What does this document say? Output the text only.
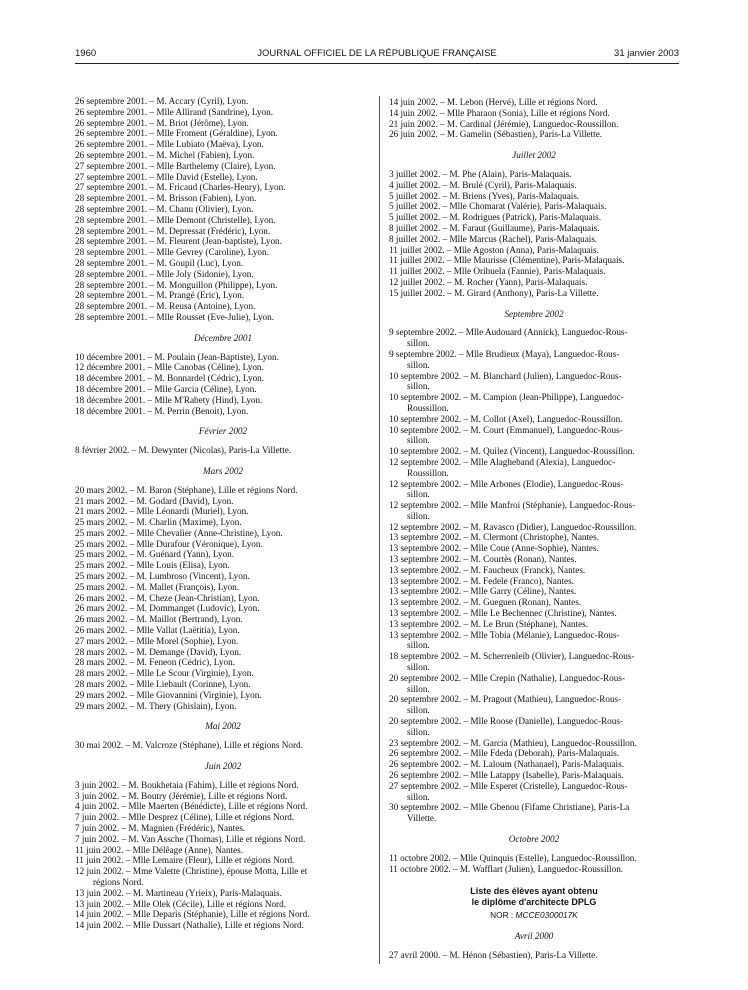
1960	JOURNAL OFFICIEL DE LA RÉPUBLIQUE FRANÇAISE	31 janvier 2003

26 septembre 2001. – M. Accary (Cyril), Lyon.

26 septembre 2001. – Mlle Allirand (Sandrine), Lyon.

26 septembre 2001. – M. Briot (Jérôme), Lyon.

26 septembre 2001. – Mlle Froment (Géraldine), Lyon.

26 septembre 2001. – Mlle Lubiato (Maëva), Lyon.

26 septembre 2001. – M. Michel (Fabien), Lyon.

27 septembre 2001. – Mlle Barthelemy (Claire), Lyon.

27 septembre 2001. – Mlle David (Estelle), Lyon.

27 septembre 2001. – M. Fricaud (Charles-Henry), Lyon.

28 septembre 2001. – M. Brisson (Fabien), Lyon.

28 septembre 2001. – M. Chanu (Olivier), Lyon.

28 septembre 2001. – Mlle Demont (Christelle), Lyon.

28 septembre 2001. – M. Depressat (Frédéric), Lyon.

28 septembre 2001. – M. Fleurent (Jean-baptiste), Lyon.

28 septembre 2001. – Mlle Gevrey (Caroline), Lyon.

28 septembre 2001. – M. Goupil (Luc), Lyon.

28 septembre 2001. – Mlle Joly (Sidonie), Lyon.

28 septembre 2001. – M. Monguillon (Philippe), Lyon.

28 septembre 2001. – M. Prangé (Eric), Lyon.

28 septembre 2001. – M. Reusa (Antoine), Lyon.

28 septembre 2001. – Mlle Rousset (Eve-Julie), Lyon.

Décembre 2001

10 décembre 2001. – M. Poulain (Jean-Baptiste), Lyon.

12 décembre 2001. – Mlle Canobas (Céline), Lyon.

18 décembre 2001. – M. Bonnardel (Cédric), Lyon.

18 décembre 2001. – Mlle Garcia (Céline), Lyon.

18 décembre 2001. – Mlle M'Rabety (Hind), Lyon.

18 décembre 2001. – M. Perrin (Benoit), Lyon.

Février 2002

8 février 2002. – M. Dewynter (Nicolas), Paris-La Villette.

Mars 2002

20 mars 2002. – M. Baron (Stéphane), Lille et régions Nord.

21 mars 2002. – M. Godard (David), Lyon.

21 mars 2002. – Mlle Léonardi (Muriel), Lyon.

25 mars 2002. – M. Charlin (Maxime), Lyon.

25 mars 2002. – Mlle Chevalier (Anne-Christine), Lyon.

25 mars 2002. – Mlle Durafour (Véronique), Lyon.

25 mars 2002. – M. Guénard (Yann), Lyon.

25 mars 2002. – Mlle Louis (Elisa), Lyon.

25 mars 2002. – M. Lumbroso (Vincent), Lyon.

25 mars 2002. – M. Mallet (François), Lyon.

26 mars 2002. – M. Cheze (Jean-Christian), Lyon.

26 mars 2002. – M. Dommanget (Ludovic), Lyon.

26 mars 2002. – M. Maillot (Bertrand), Lyon.

26 mars 2002. – Mlle Vallat (Laëtitia), Lyon.

27 mars 2002. – Mlle Morel (Sophie), Lyon.

28 mars 2002. – M. Demange (David), Lyon.

28 mars 2002. – M. Feneon (Cédric), Lyon.

28 mars 2002. – Mlle Le Scour (Virginie), Lyon.

28 mars 2002. – Mlle Liebault (Corinne), Lyon.

29 mars 2002. – Mlle Giovannini (Virginie), Lyon.

29 mars 2002. – M. Thery (Ghislain), Lyon.

Mai 2002

30 mai 2002. – M. Valcroze (Stéphane), Lille et régions Nord.

Juin 2002

3 juin 2002. – M. Boukhetaia (Fahim), Lille et régions Nord.

3 juin 2002. – M. Boutry (Jérémie), Lille et régions Nord.

4 juin 2002. – Mlle Maerten (Bénédicte), Lille et régions Nord.

7 juin 2002. – Mlle Desprez (Céline), Lille et régions Nord.

7 juin 2002. – M. Magnien (Frédéric), Nantes.

7 juin 2002. – M. Van Assche (Thomas), Lille et régions Nord.

11 juin 2002. – Mlle Délêage (Anne), Nantes.

11 juin 2002. – Mlle Lemaire (Fleur), Lille et régions Nord.

12 juin 2002. – Mme Valette (Christine), épouse Motta, Lille et
régions Nord.

13 juin 2002. – M. Martineau (Yrieix), Paris-Malaquais.

13 juin 2002. – Mlle Olek (Cécile), Lille et régions Nord.

14 juin 2002. – Mlle Deparis (Stéphanie), Lille et régions Nord.

14 juin 2002. – Mlle Dussart (Nathalie), Lille et régions Nord.

14 juin 2002. – M. Lebon (Hervé), Lille et régions Nord.

14 juin 2002. – Mlle Pharaon (Sonia), Lille et régions Nord.

21 juin 2002. – M. Cardinal (Jérémie), Languedoc-Roussillon.

26 juin 2002. – M. Gamelin (Sébastien), Paris-La Villette.

Juillet 2002

3 juillet 2002. – M. Phe (Alain), Paris-Malaquais.

4 juillet 2002. – M. Brulé (Cyril), Paris-Malaquais.

5 juillet 2002. – M. Briens (Yves), Paris-Malaquais.

5 juillet 2002. – Mlle Chomarat (Valérie), Paris-Malaquais.

5 juillet 2002. – M. Rodrigues (Patrick), Paris-Malaquais.

8 juillet 2002. – M. Faraut (Guillaume), Paris-Malaquais.

8 juillet 2002. – Mlle Marcus (Rachel), Paris-Malaquais.

11 juillet 2002. – Mlle Agoston (Anna), Paris-Malaquais.

11 juillet 2002. – Mlle Maurisse (Clémentine), Paris-Malaquais.

11 juillet 2002. – Mlle Orihuela (Fannie), Paris-Malaquais.

12 juillet 2002. – M. Rocher (Yann), Paris-Malaquais.

15 juillet 2002. – M. Girard (Anthony), Paris-La Villette.

Septembre 2002

9 septembre 2002. – Mlle Audouard (Annick), Languedoc-Rous-
sillon.

9 septembre 2002. – Mlle Brudieux (Maya), Languedoc-Rous-
sillon.

10 septembre 2002. – M. Blanchard (Julien), Languedoc-Rous-
sillon.

10 septembre 2002. – M. Campion (Jean-Philippe), Languedoc-
Roussillon.

10 septembre 2002. – M. Collot (Axel), Languedoc-Roussillon.

10 septembre 2002. – M. Court (Emmanuel), Languedoc-Rous-
sillon.

10 septembre 2002. – M. Quilez (Vincent), Languedoc-Roussillon.

12 septembre 2002. – Mlle Alagheband (Alexia), Languedoc-
Roussillon.

12 septembre 2002. – Mlle Arbones (Elodie), Languedoc-Rous-
sillon.

12 septembre 2002. – Mlle Manfroi (Stéphanie), Languedoc-Rous-
sillon.

12 septembre 2002. – M. Ravasco (Didier), Languedoc-Roussillon.

13 septembre 2002. – M. Clermont (Christophe), Nantes.

13 septembre 2002. – Mlle Coue (Anne-Sophie), Nantes.

13 septembre 2002. – M. Courtès (Ronan), Nantes.

13 septembre 2002. – M. Faucheux (Franck), Nantes.

13 septembre 2002. – M. Fedele (Franco), Nantes.

13 septembre 2002. – Mlle Garry (Céline), Nantes.

13 septembre 2002. – M. Gueguen (Ronan), Nantes.

13 septembre 2002. – Mlle Le Bechennec (Christine), Nantes.

13 septembre 2002. – M. Le Brun (Stéphane), Nantes.

13 septembre 2002. – Mlle Tobia (Mélanie), Languedoc-Rous-
sillon.

18 septembre 2002. – M. Scherrenleib (Olivier), Languedoc-Rous-
sillon.

20 septembre 2002. – Mlle Crepin (Nathalie), Languedoc-Rous-
sillon.

20 septembre 2002. – M. Pragout (Mathieu), Languedoc-Rous-
sillon.

20 septembre 2002. – Mlle Roose (Danielle), Languedoc-Rous-
sillon.

23 septembre 2002. – M. Garcia (Mathieu), Languedoc-Roussillon.

26 septembre 2002. – Mlle Fdeda (Deborah), Paris-Malaquais.

26 septembre 2002. – M. Laloum (Nathanael), Paris-Malaquais.

26 septembre 2002. – Mlle Latappy (Isabelle), Paris-Malaquais.

27 septembre 2002. – Mlle Esperet (Cristelle), Languedoc-Rous-
sillon.

30 septembre 2002. – Mlle Gbenou (Fifame Christiane), Paris-La
Villette.

Octobre 2002

11 octobre 2002. – Mlle Quinquis (Estelle), Languedoc-Roussillon.

11 octobre 2002. – M. Wafflart (Julien), Languedoc-Roussillon.

Liste des élèves ayant obtenu
le diplôme d'architecte DPLG
NOR : MCCE0300017K
Avril 2000

27 avril 2000. – M. Hénon (Sébastien), Paris-La Villette.
